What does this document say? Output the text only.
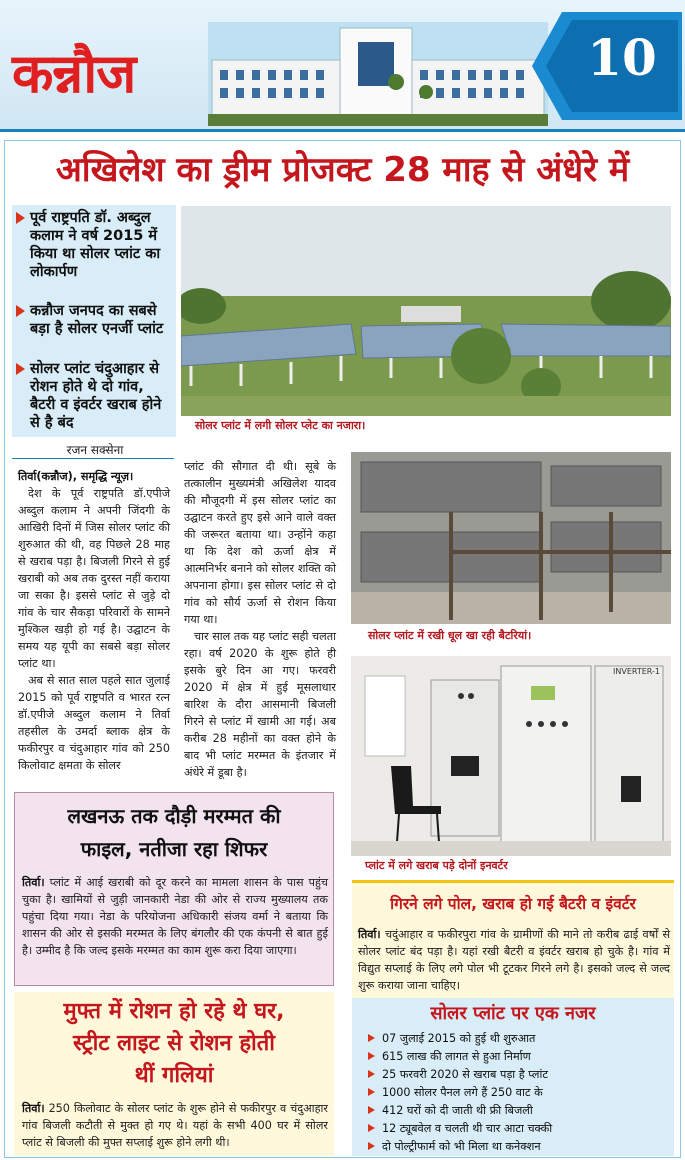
कन्नौज	10
अखिलेश का ड्रीम प्रोजक्ट 28 माह से अंधेरे में
पूर्व राष्ट्रपति डॉ. अब्दुल कलाम ने वर्ष 2015 में किया था सोलर प्लांट का लोकार्पण
कन्नौज जनपद का सबसे बड़ा है सोलर एनर्जी प्लांट
सोलर प्लांट चंदुआहार से रोशन होते थे दो गांव, बैटरी व इंवर्टर खराब होने से है बंद
रजन सक्सेना
सोलर प्लांट में लगी सोलर प्लेट का नजारा।
सोलर प्लांट में रखी धूल खा रही बैटरियां।
INVERTER-1
प्लांट में लगे खराब पड़े दोनों इनवर्टर
तिर्वा(कन्नौज), समृद्धि न्यूज़।
देश के पूर्व राष्ट्रपति डॉ.एपीजे अब्दुल कलाम ने अपनी जिंदगी के आखिरी दिनों में जिस सोलर प्लांट की शुरुआत की थी, वह पिछले 28 माह से खराब पड़ा है। बिजली गिरने से हुई खराबी को अब तक दुरस्त नहीं कराया जा सका है। इससे प्लांट से जुड़े दो गांव के चार सैकड़ा परिवारों के सामने मुश्किल खड़ी हो गई है। उद्घाटन के समय यह यूपी का सबसे बड़ा सोलर प्लांट था।
अब से सात साल पहले सात जुलाई 2015 को पूर्व राष्ट्रपति व भारत रत्न डॉ.एपीजे अब्दुल कलाम ने तिर्वा तहसील के उमर्दा ब्लाक क्षेत्र के फकीरपुर व चंदुआहार गांव को 250 किलोवाट क्षमता के सोलर
प्लांट की सौगात दी थी। सूबे के तत्कालीन मुख्यमंत्री अखिलेश यादव की मौजूदगी में इस सोलर प्लांट का उद्घाटन करते हुए इसे आने वाले वक्त की जरूरत बताया था। उन्होंने कहा था कि देश को ऊर्जा क्षेत्र में आत्मनिर्भर बनाने को सोलर शक्ति को अपनाना होगा। इस सोलर प्लांट से दो गांव को सौर्य ऊर्जा से रोशन किया गया था।
चार साल तक यह प्लांट सही चलता रहा। वर्ष 2020 के शुरू होते ही इसके बुरे दिन आ गए। फरवरी 2020 में क्षेत्र में हुई मूसलाधार बारिश के दौरा आसमानी बिजली गिरने से प्लांट में खामी आ गई। अब करीब 28 महीनों का वक्त होने के बाद भी प्लांट मरम्मत के इंतजार में अंधेरे में डूबा है।
लखनऊ तक दौड़ी मरम्मत की
फाइल, नतीजा रहा शिफर
तिर्वा। प्लांट में आई खराबी को दूर करने का मामला शासन के पास पहुंच चुका है। खामियों से जुड़ी जानकारी नेडा की ओर से राज्य मुख्यालय तक पहुंचा दिया गया। नेडा के परियोजना अधिकारी संजय वर्मा ने बताया कि शासन की ओर से इसकी मरम्मत के लिए बंगलौर की एक कंपनी से बात हुई है। उम्मीद है कि जल्द इसके मरम्मत का काम शुरू करा दिया जाएगा।
मुफ्त में रोशन हो रहे थे घर,
स्ट्रीट लाइट से रोशन होती
थीं गलियां
तिर्वा। 250 किलोवाट के सोलर प्लांट के शुरू होने से फकीरपुर व चंदुआहार गांव बिजली कटौती से मुक्त हो गए थे। यहां के सभी 400 घर में सोलर प्लांट से बिजली की मुफ्त सप्लाई शुरू होने लगी थी।
गिरने लगे पोल, खराब हो गई बैटरी व इंवर्टर
तिर्वा। चदुंआहार व फकीरपुरा गांव के ग्रामीणों की माने तो करीब ढाई वर्षों से सोलर प्लांट बंद पड़ा है। यहां रखी बैटरी व इंवर्टर खराब हो चुके है। गांव में विद्युत सप्लाई के लिए लगे पोल भी टूटकर गिरने लगे है। इसको जल्द से जल्द शुरू कराया जाना चाहिए।
सोलर प्लांट पर एक नजर
07 जुलाई 2015 को हुई थी शुरुआत
615 लाख की लागत से हुआ निर्माण
25 फरवरी 2020 से खराब पड़ा है प्लांट
1000 सोलर पैनल लगे हैं 250 वाट के
412 घरों को दी जाती थी फ्री बिजली
12 ट्यूबवेल व चलती थी चार आटा चक्की
दो पोल्ट्रीफार्म को भी मिला था कनेक्शन
